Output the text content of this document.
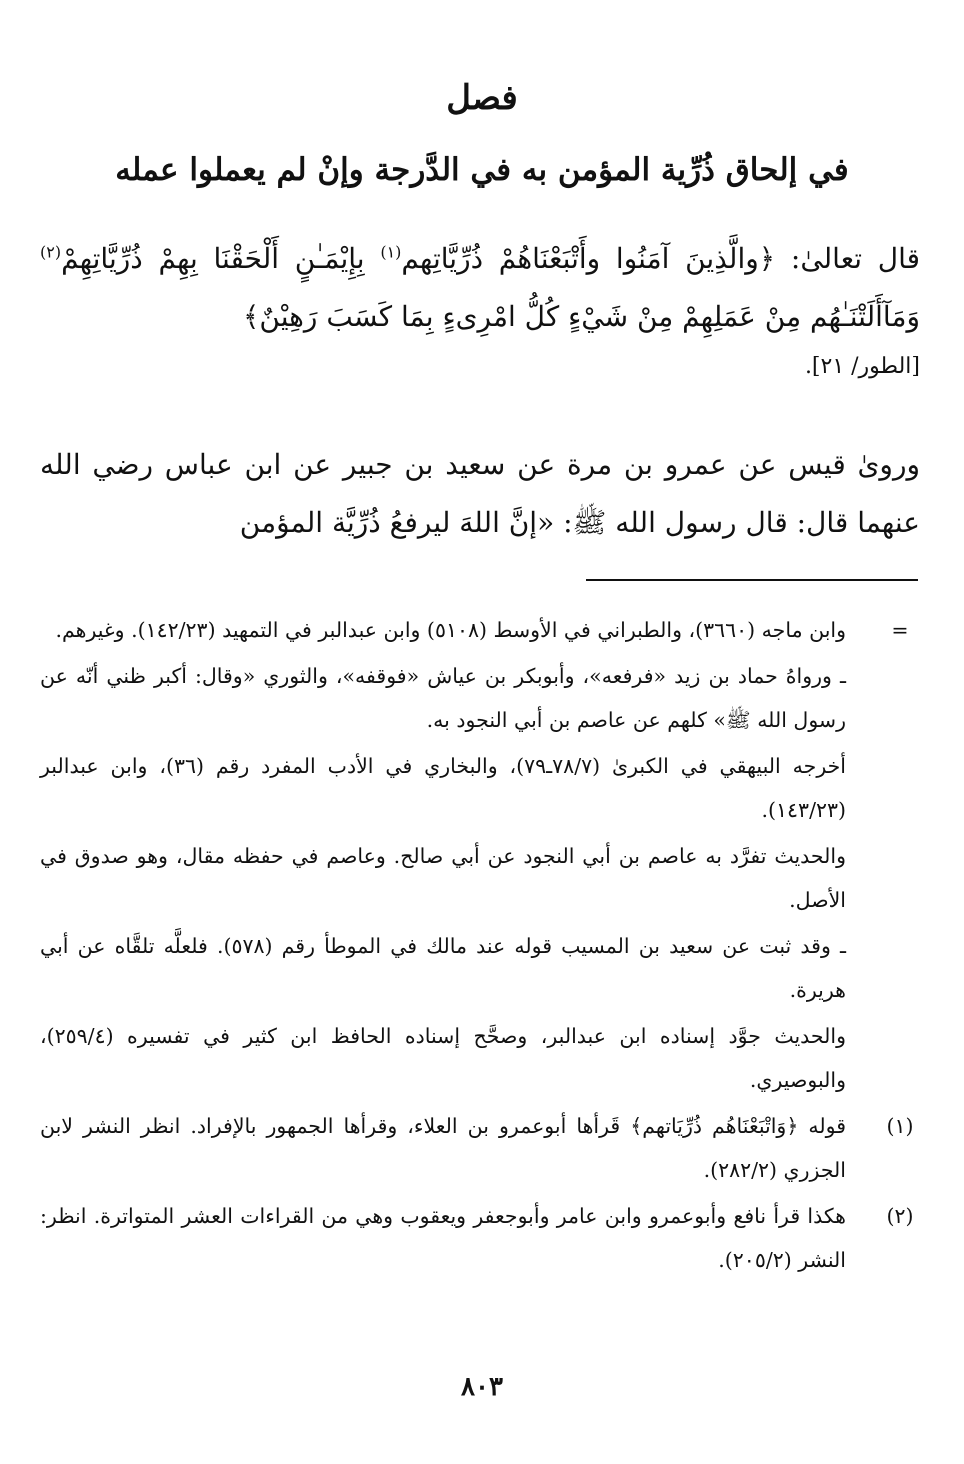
فصل
في إلحاق ذُرِّية المؤمن به في الدَّرجة وإنْ لم يعملوا عمله
قال تعالىٰ: ﴿والَّذِينَ آمَنُوا وأَتْبَعْنَاهُمْ ذُرِّيَّاتِهم$^{(١)}$ بِإِيْمَـٰنٍ أَلْحَقْنَا بِهِمْ ذُرِّيَّاتِهِمْ$^{(٢)}$ وَمَآأَلَتْنَـٰهُم مِنْ عَمَلِهِمْ مِنْ شَيْءٍ كُلُّ امْرِىءٍ بِمَا كَسَبَ رَهِيْنٌ﴾
[الطور/ ٢١].
ورویٰ قيس عن عمرو بن مرة عن سعيد بن جبير عن ابن عباس رضي الله عنهما قال: قال رسول الله ﷺ: «إنَّ اللهَ ليرفعُ ذُرِّيَّة المؤمن
=
وابن ماجه (٣٦٦٠)، والطبراني في الأوسط (٥١٠٨) وابن عبدالبر في التمهيد (١٤٢/٢٣). وغيرهم.
ـ ورواهُ حماد بن زيد «فرفعه»، وأبوبكر بن عياش «فوقفه»، والثوري «وقال: أكبر ظني أنّه عن رسول الله ﷺ» كلهم عن عاصم بن أبي النجود به.
أخرجه البيهقي في الكبرىٰ (٧٨/٧ـ٧٩)، والبخاري في الأدب المفرد رقم (٣٦)، وابن عبدالبر (١٤٣/٢٣).
والحديث تفرَّد به عاصم بن أبي النجود عن أبي صالح. وعاصم في حفظه مقال، وهو صدوق في الأصل.
ـ وقد ثبت عن سعيد بن المسيب قوله عند مالك في الموطأ رقم (٥٧٨). فلعلَّه تلقَّاه عن أبي هريرة.
والحديث جوَّد إسناده ابن عبدالبر، وصحَّح إسناده الحافظ ابن كثير في تفسيره (٢٥٩/٤)، والبوصيري.
(١)
قوله ﴿وَاتْبَعْنَاهُم ذُرِّيَاتهم﴾ قَرأها أبوعمرو بن العلاء، وقرأها الجمهور بالإفراد. انظر النشر لابن الجزري (٢٨٢/٢).
(٢)
هكذا قرأ نافع وأبوعمرو وابن عامر وأبوجعفر ويعقوب وهي من القراءات العشر المتواترة. انظر: النشر (٢٠٥/٢).
٨٠٣
